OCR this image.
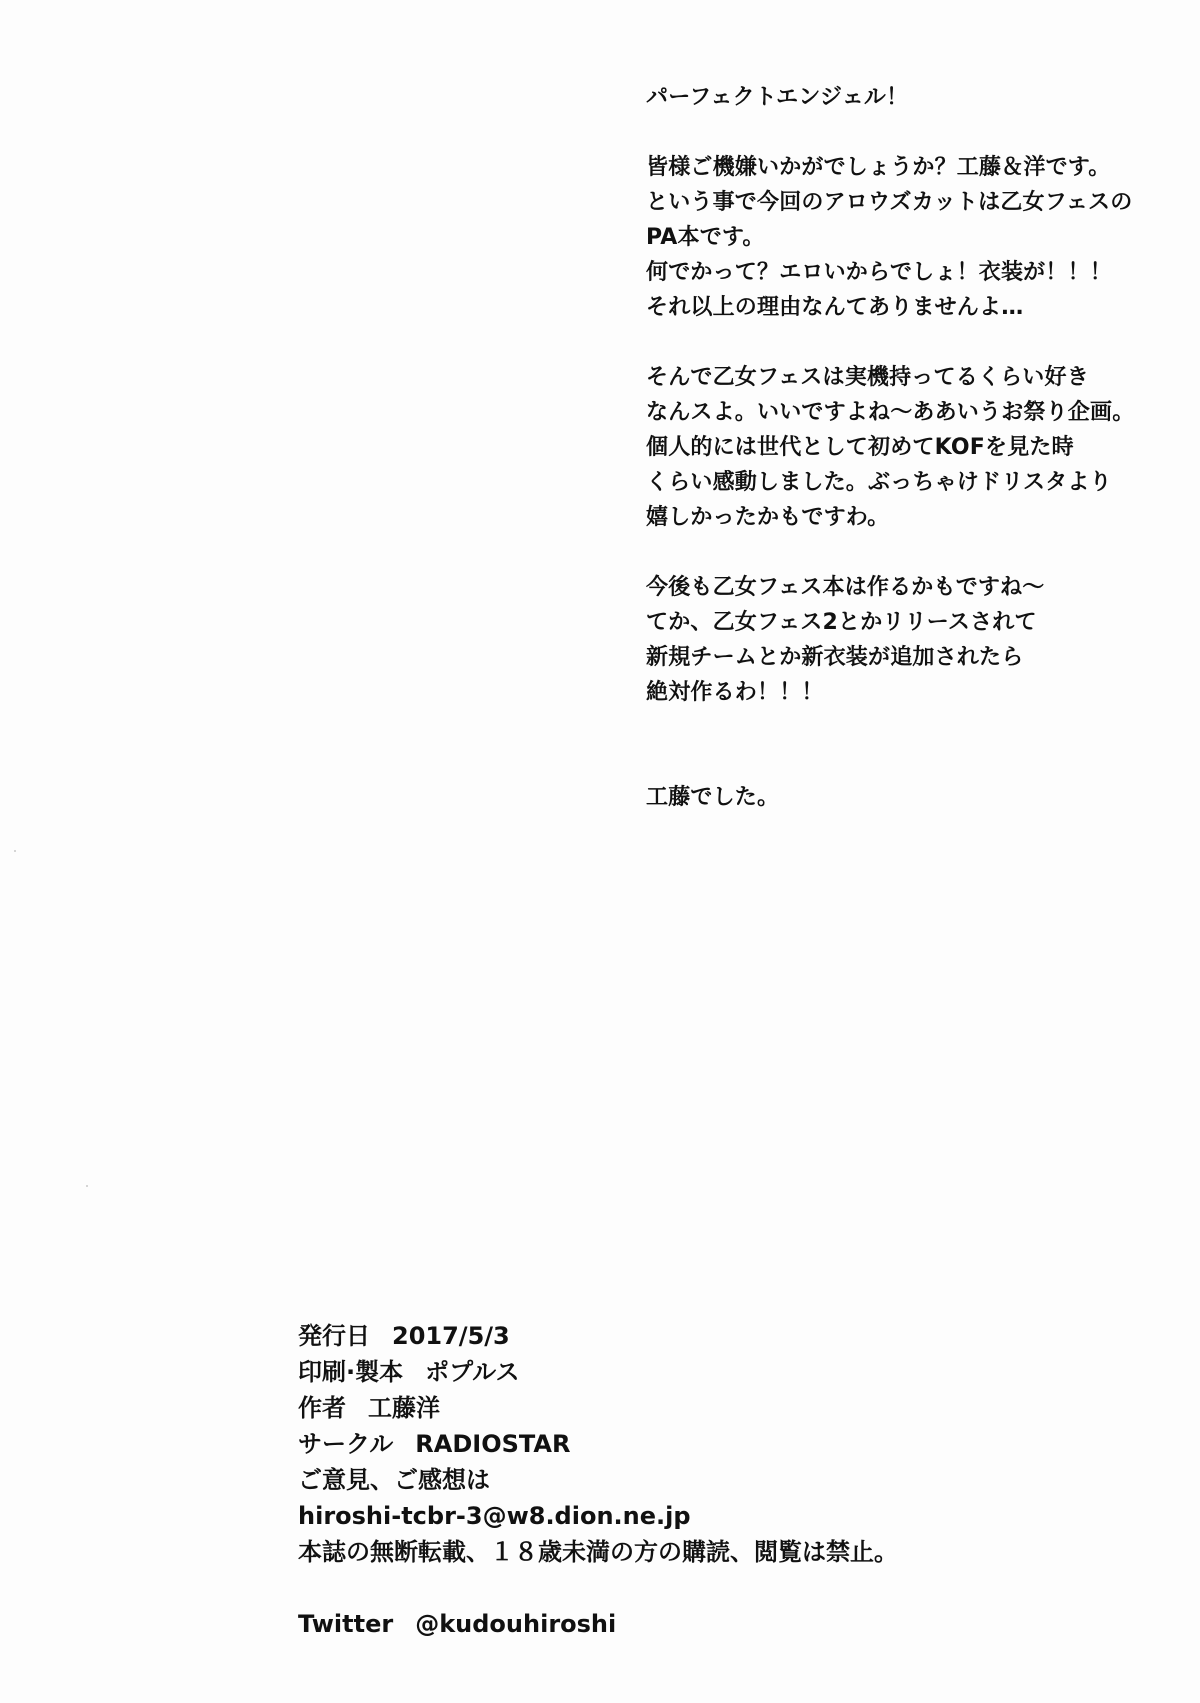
パーフェクトエンジェル！
皆様ご機嫌いかがでしょうか？工藤＆洋です。
という事で今回のアロウズカットは乙女フェスの
PA本です。
何でかって？エロいからでしょ！衣装が！！！
それ以上の理由なんてありませんよ…
そんで乙女フェスは実機持ってるくらい好き
なんスよ。いいですよね～ああいうお祭り企画。
個人的には世代として初めてKOFを見た時
くらい感動しました。ぶっちゃけドリスタより
嬉しかったかもですわ。
今後も乙女フェス本は作るかもですね～
てか、乙女フェス2とかリリースされて
新規チームとか新衣装が追加されたら
絶対作るわ！！！
工藤でした。
発行日 2017/5/3
印刷·製本 ポプルス
作者 工藤洋
サークル RADIOSTAR
ご意見、ご感想は
hiroshi-tcbr-3@w8.dion.ne.jp
本誌の無断転載、１８歳未満の方の購読、閲覧は禁止。
Twitter @kudouhiroshi
